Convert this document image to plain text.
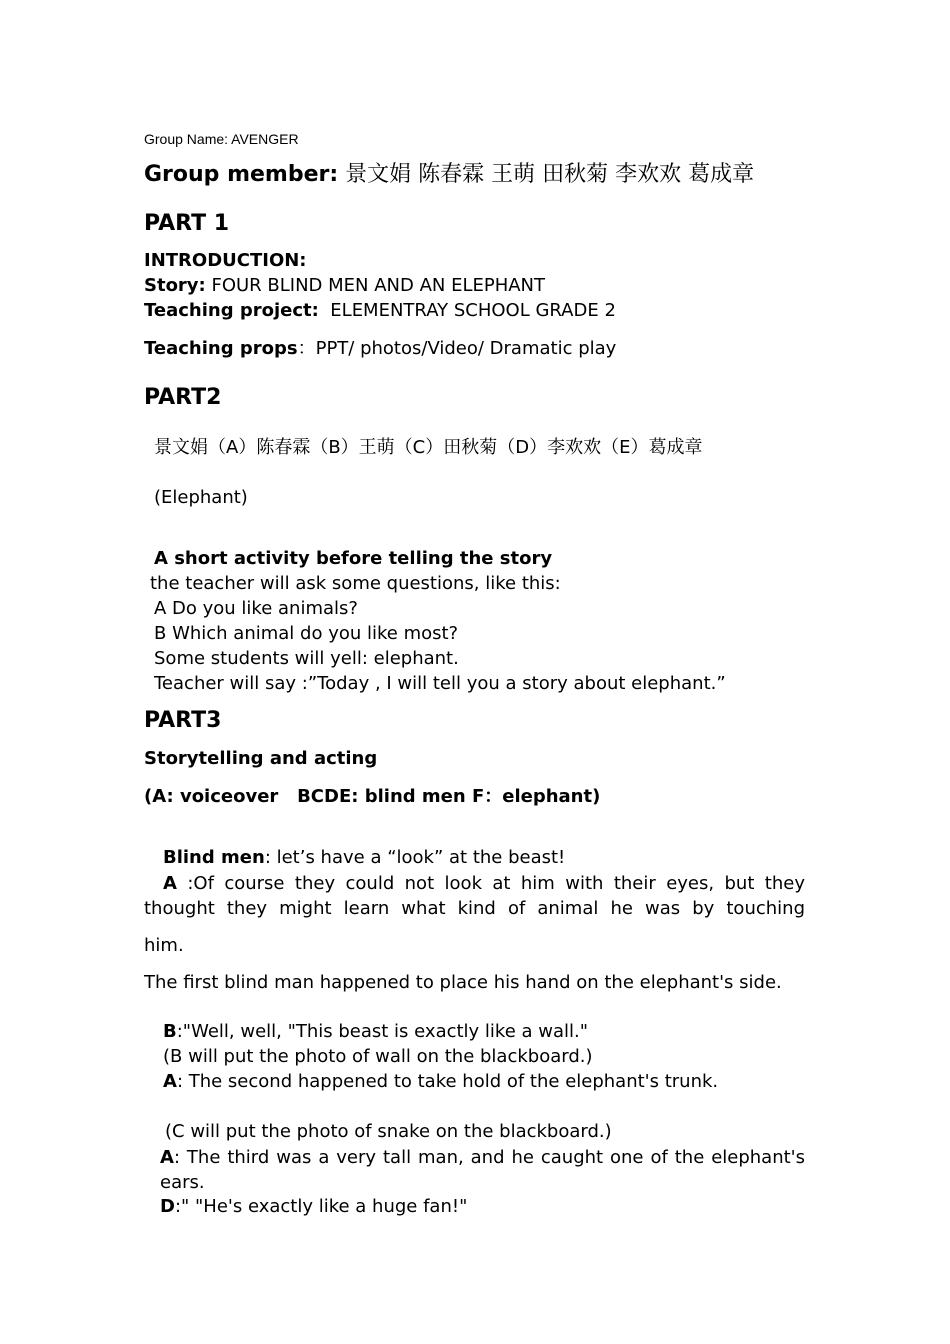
Group Name: AVENGER
Group member: 景文娟 陈春霖 王萌 田秋菊 李欢欢 葛成章
PART 1
INTRODUCTION:
Story: FOUR BLIND MEN AND AN ELEPHANT
Teaching project:  ELEMENTRAY SCHOOL GRADE 2
Teaching props：PPT/ photos/Video/ Dramatic play
PART2
景文娟（A）陈春霖（B）王萌（C）田秋菊（D）李欢欢（E）葛成章
(Elephant)
A short activity before telling the story
the teacher will ask some questions, like this:
A Do you like animals?
B Which animal do you like most?
Some students will yell: elephant.
Teacher will say :”Today , I will tell you a story about elephant.”
PART3
Storytelling and acting
(A: voiceover   BCDE: blind men F：elephant)
Blind men: let’s have a “look” at the beast!
A :Of course they could not look at him with their eyes, but they thought they might learn what kind of animal he was by touching
him.
The first blind man happened to place his hand on the elephant's side.
B:"Well, well, "This beast is exactly like a wall."
(B will put the photo of wall on the blackboard.)
A: The second happened to take hold of the elephant's trunk.
(C will put the photo of snake on the blackboard.)
A: The third was a very tall man, and he caught one of the elephant's ears.
D:" "He's exactly like a huge fan!"
